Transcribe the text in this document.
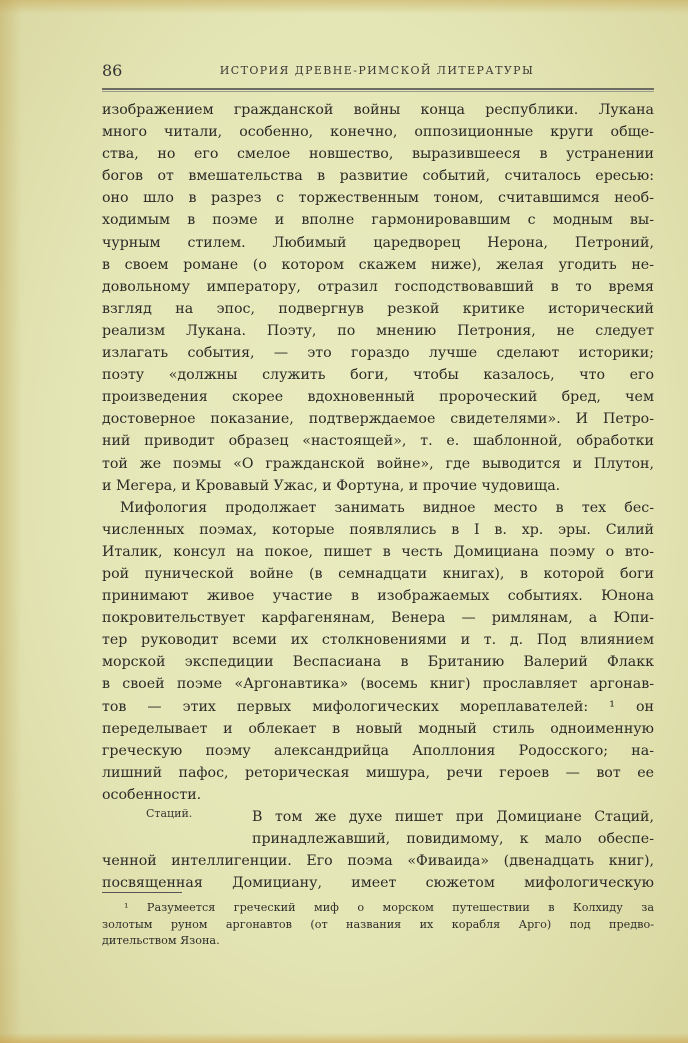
86	ИСТОРИЯ ДРЕВНЕ-РИМСКОЙ ЛИТЕРАТУРЫ
изображением гражданской войны конца республики. Лукана
много читали, особенно, конечно, оппозиционные круги обще-
ства, но его смелое новшество, выразившееся в устранении
богов от вмешательства в развитие событий, считалось ересью:
оно шло в разрез с торжественным тоном, считавшимся необ-
ходимым в поэме и вполне гармонировавшим с модным вы-
чурным стилем. Любимый царедворец Нерона, Петроний,
в своем романе (о котором скажем ниже), желая угодить не-
довольному императору, отразил господствовавший в то время
взгляд на эпос, подвергнув резкой критике исторический
реализм Лукана. Поэту, по мнению Петрония, не следует
излагать события, — это гораздо лучше сделают историки;
поэту «должны служить боги, чтобы казалось, что его
произведения скорее вдохновенный пророческий бред, чем
достоверное показание, подтверждаемое свидетелями». И Петро-
ний приводит образец «настоящей», т. е. шаблонной, обработки
той же поэмы «О гражданской войне», где выводится и Плутон,
и Мегера, и Кровавый Ужас, и Фортуна, и прочие чудовища.
Мифология продолжает занимать видное место в тех бес-
численных поэмах, которые появлялись в I в. хр. эры. Силий
Италик, консул на покое, пишет в честь Домициана поэму о вто-
рой пунической войне (в семнадцати книгах), в которой боги
принимают живое участие в изображаемых событиях. Юнона
покровительствует карфагенянам, Венера — римлянам, а Юпи-
тер руководит всеми их столкновениями и т. д. Под влиянием
морской экспедиции Веспасиана в Британию Валерий Флакк
в своей поэме «Аргонавтика» (восемь книг) прославляет аргонав-
тов — этих первых мифологических мореплавателей: ¹ он
переделывает и облекает в новый модный стиль одноименную
греческую поэму александрийца Аполлония Родосского; на-
лишний пафос, реторическая мишура, речи героев — вот ее
особенности.
В том же духе пишет при Домициане Стаций,
принадлежавший, повидимому, к мало обеспе-
ченной интеллигенции. Его поэма «Фиваида» (двенадцать книг),
посвященная Домициану, имеет сюжетом мифологическую
Стаций.
¹ Разумеется греческий миф о морском путешествии в Колхиду за
золотым руном аргонавтов (от названия их корабля Арго) под предво-
дительством Язона.
